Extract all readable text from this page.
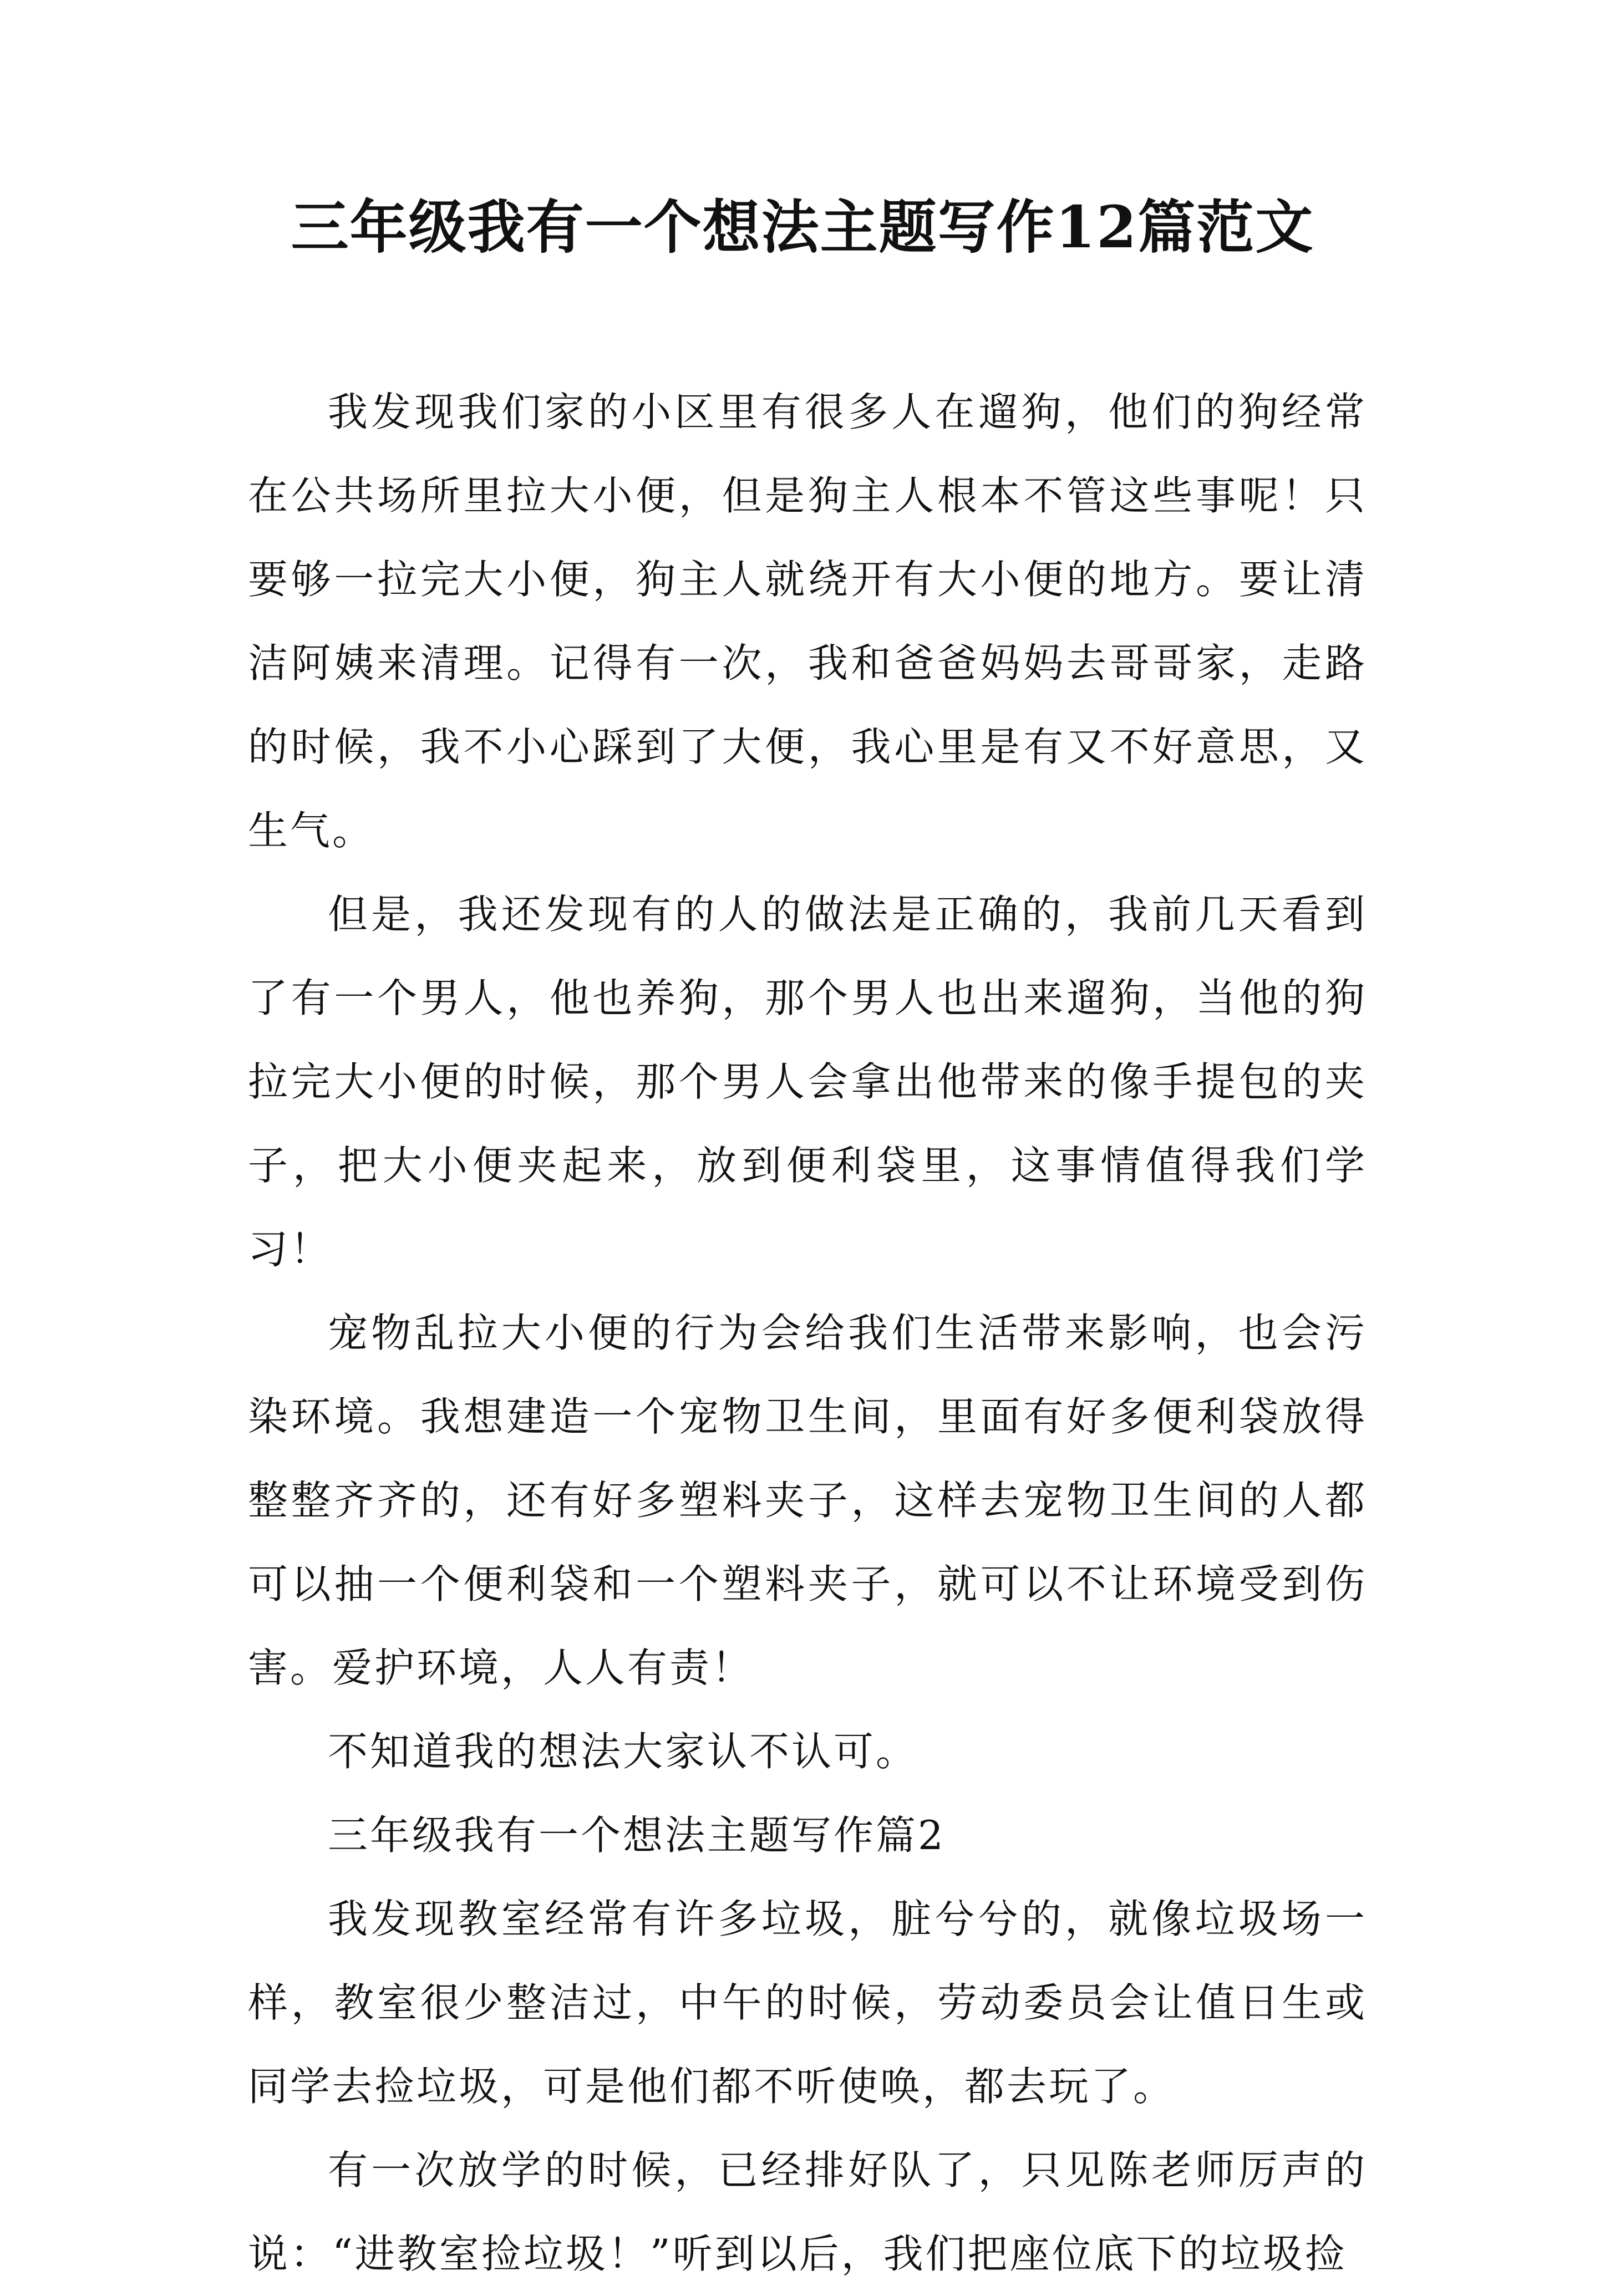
三年级我有一个想法主题写作12篇范文

我发现我们家的小区里有很多人在遛狗，他们的狗经常在公共场所里拉大小便，但是狗主人根本不管这些事呢！只要够一拉完大小便，狗主人就绕开有大小便的地方。要让清洁阿姨来清理。记得有一次，我和爸爸妈妈去哥哥家，走路的时候，我不小心踩到了大便，我心里是有又不好意思，又生气。

但是，我还发现有的人的做法是正确的，我前几天看到了有一个男人，他也养狗，那个男人也出来遛狗，当他的狗拉完大小便的时候，那个男人会拿出他带来的像手提包的夹子，把大小便夹起来，放到便利袋里，这事情值得我们学习！

宠物乱拉大小便的行为会给我们生活带来影响，也会污染环境。我想建造一个宠物卫生间，里面有好多便利袋放得整整齐齐的，还有好多塑料夹子，这样去宠物卫生间的人都可以抽一个便利袋和一个塑料夹子，就可以不让环境受到伤害。爱护环境，人人有责！

不知道我的想法大家认不认可。

三年级我有一个想法主题写作篇2

我发现教室经常有许多垃圾，脏兮兮的，就像垃圾场一样，教室很少整洁过，中午的时候，劳动委员会让值日生或同学去捡垃圾，可是他们都不听使唤，都去玩了。

有一次放学的时候，已经排好队了，只见陈老师厉声的说：“进教室捡垃圾！”听到以后，我们把座位底下的垃圾捡
